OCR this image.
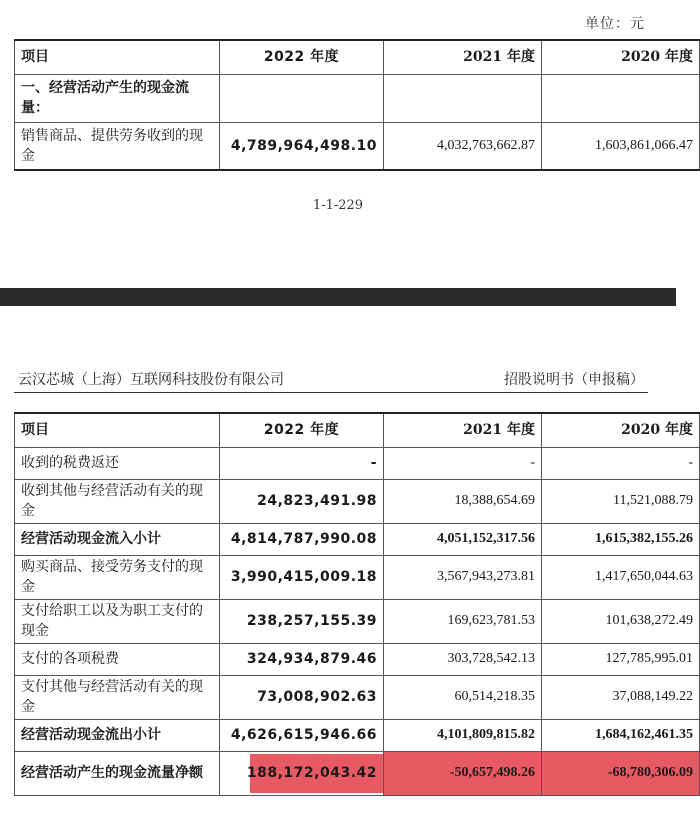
单位：元
项目	2022 年度	2021 年度	2020 年度
一、经营活动产生的现金流量：			
销售商品、提供劳务收到的现金	4,789,964,498.10	4,032,763,662.87	1,603,861,066.47
1-1-229
云汉芯城（上海）互联网科技股份有限公司	招股说明书（申报稿）
项目	2022 年度	2021 年度	2020 年度
收到的税费返还	-	-	-
收到其他与经营活动有关的现金	24,823,491.98	18,388,654.69	11,521,088.79
经营活动现金流入小计	4,814,787,990.08	4,051,152,317.56	1,615,382,155.26
购买商品、接受劳务支付的现金	3,990,415,009.18	3,567,943,273.81	1,417,650,044.63
支付给职工以及为职工支付的现金	238,257,155.39	169,623,781.53	101,638,272.49
支付的各项税费	324,934,879.46	303,728,542.13	127,785,995.01
支付其他与经营活动有关的现金	73,008,902.63	60,514,218.35	37,088,149.22
经营活动现金流出小计	4,626,615,946.66	4,101,809,815.82	1,684,162,461.35
经营活动产生的现金流量净额	188,172,043.42	-50,657,498.26	-68,780,306.09
